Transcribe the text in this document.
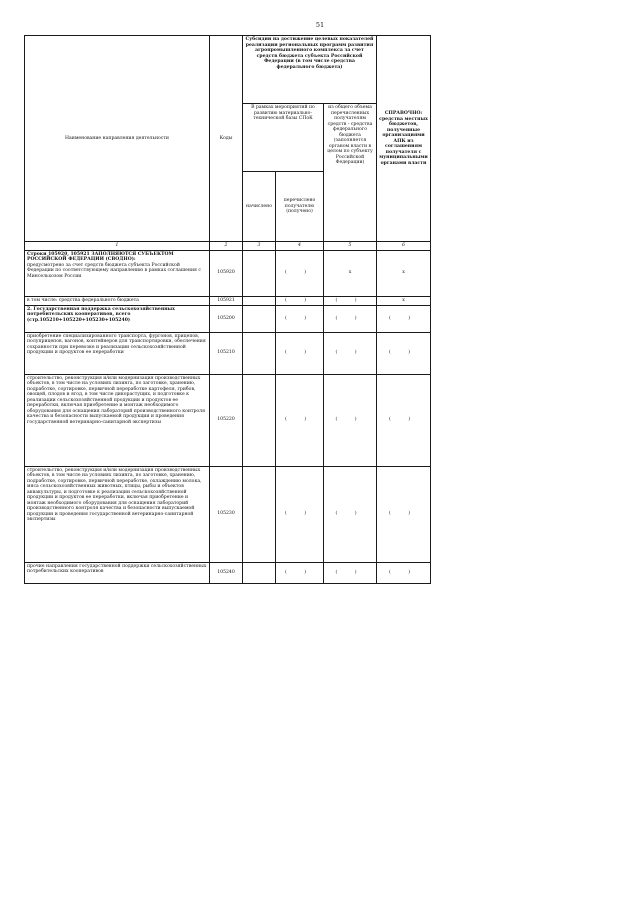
51
Наименование направления деятельности	Коды	Субсидии на достижение целевых показателей реализации региональных программ развития агропромышленного комплекса за счет средств бюджета субъекта Российской Федерации (в том числе средства федерального бюджета)			СПРАВОЧНО: средства местных бюджетов, полученные организациями АПК из соглашениям получателя с муниципальными органами власти
		В рамках мероприятий по развитию материально-технической базы СПоК		из общего объема перечисленных получателям средств - средства федерального бюджета (заполняется органом власти в целом по субъекту Российской Федерации)	
		начислено	перечислено получателю (получено)		
1	2	3	4	5	6
Строки 105920, 105921 ЗАПОЛНЯЮТСЯ СУБЪЕКТОМ РОССИЙСКОЙ ФЕДЕРАЦИИ (СВОДНО):
предусмотрено за счет средств бюджета субъекта Российской Федерации по соответствующему направлению в рамках соглашения с Минсельхозом России	105920		( )	х	х
в том числе: средства федерального бюджета	105921		( )	( )	х
2. Государственная поддержка сельскохозяйственных потребительских кооперативов, всего
(стр.105210+105220+105230+105240)	105200		( )	( )	( )
приобретение специализированного транспорта, фургонов, прицепов, полуприцепов, вагонов, контейнеров для транспортировки, обеспечения сохранности при перевозке и реализации сельскохозяйственной продукции и продуктов ее переработки	105210		( )	( )	( )
строительство, реконструкция и/или модернизация производственных объектов, в том числе на условиях лизинга, по заготовке, хранению, подработке, сортировке, первичной переработке картофеля, грибов, овощей, плодов и ягод, в том числе дикорастущих, и подготовке к реализации сельскохозяйственной продукции и продуктов ее переработки, включая приобретение и монтаж необходимого оборудования для оснащения лабораторий производственного контроля качества и безопасности выпускаемой продукции и проведения государственной ветеринарно-санитарной экспертизы	105220		( )	( )	( )
строительство, реконструкция и/или модернизация производственных объектов, в том числе на условиях лизинга, по заготовке, хранению, подработке, сортировке, первичной переработке, охлаждению молока, мяса сельскохозяйственных животных, птицы, рыбы и объектов аквакультуры, и подготовке к реализации сельскохозяйственной продукции и продуктов ее переработки, включая приобретение и монтаж необходимого оборудования для оснащения лабораторий производственного контроля качества и безопасности выпускаемой продукции и проведения государственной ветеринарно-санитарной экспертизы	105230		( )	( )	( )
прочие направления государственной поддержки сельскохозяйственных потребительских кооперативов	105240		( )	( )	( )
